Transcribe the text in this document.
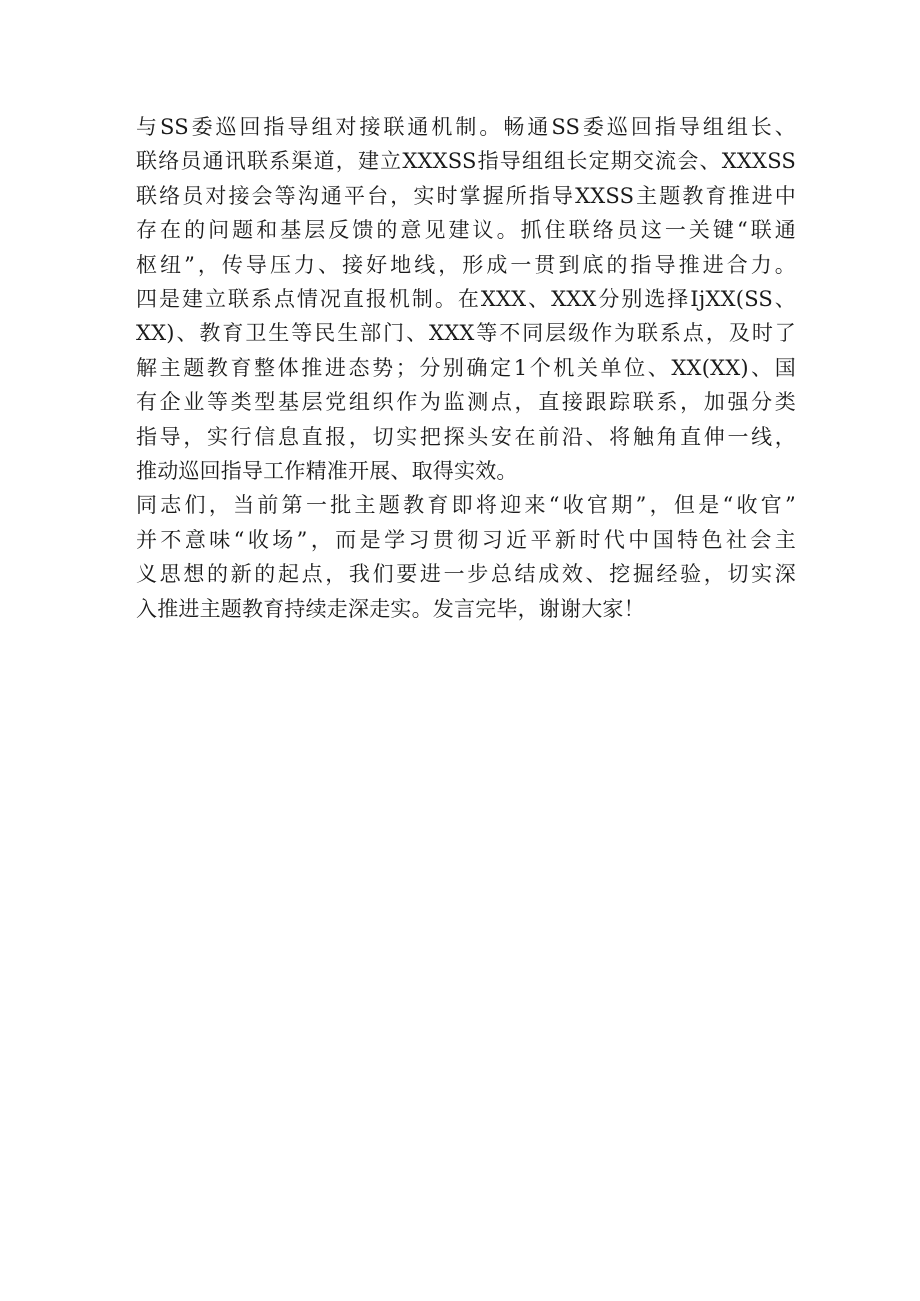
与SS委巡回指导组对接联通机制。畅通SS委巡回指导组组长、
联络员通讯联系渠道，建立XXXSS指导组组长定期交流会、XXXSS
联络员对接会等沟通平台，实时掌握所指导XXSS主题教育推进中
存在的问题和基层反馈的意见建议。抓住联络员这一关键“联通
枢纽”，传导压力、接好地线，形成一贯到底的指导推进合力。
四是建立联系点情况直报机制。在XXX、XXX分别选择IjXX(SS、
XX)、教育卫生等民生部门、XXX等不同层级作为联系点，及时了
解主题教育整体推进态势；分别确定1个机关单位、XX(XX)、国
有企业等类型基层党组织作为监测点，直接跟踪联系，加强分类
指导，实行信息直报，切实把探头安在前沿、将触角直伸一线，
推动巡回指导工作精准开展、取得实效。
同志们，当前第一批主题教育即将迎来“收官期”，但是“收官”
并不意味“收场”，而是学习贯彻习近平新时代中国特色社会主
义思想的新的起点，我们要进一步总结成效、挖掘经验，切实深
入推进主题教育持续走深走实。发言完毕，谢谢大家！
